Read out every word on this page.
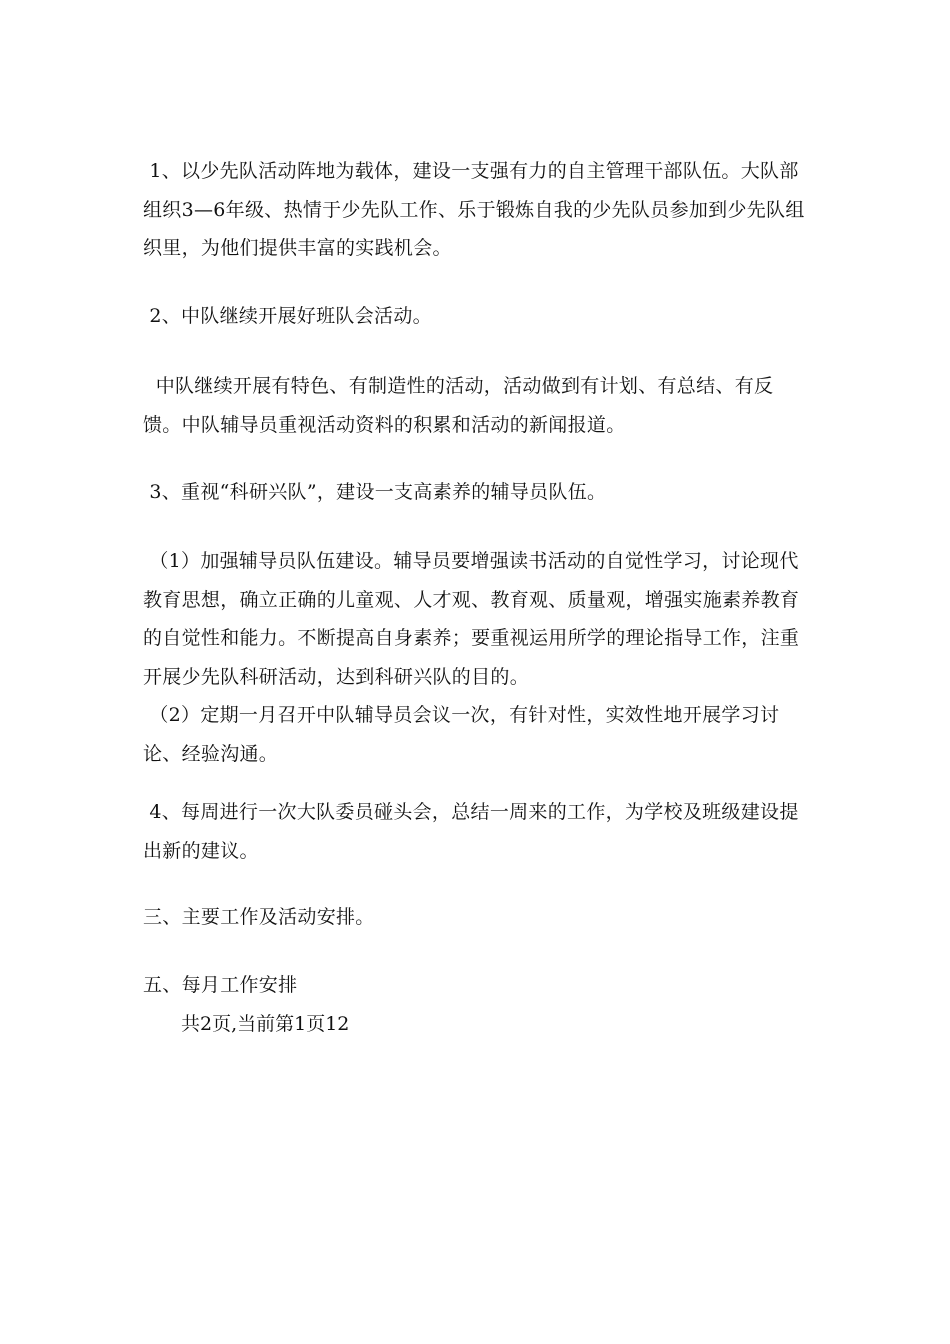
1、以少先队活动阵地为载体，建设一支强有力的自主管理干部队伍。大队部组织3—6年级、热情于少先队工作、乐于锻炼自我的少先队员参加到少先队组织里，为他们提供丰富的实践机会。

2、中队继续开展好班队会活动。

中队继续开展有特色、有制造性的活动，活动做到有计划、有总结、有反馈。中队辅导员重视活动资料的积累和活动的新闻报道。

3、重视“科研兴队”，建设一支高素养的辅导员队伍。

（1）加强辅导员队伍建设。辅导员要增强读书活动的自觉性学习，讨论现代教育思想，确立正确的儿童观、人才观、教育观、质量观，增强实施素养教育的自觉性和能力。不断提高自身素养；要重视运用所学的理论指导工作，注重开展少先队科研活动，达到科研兴队的目的。
（2）定期一月召开中队辅导员会议一次，有针对性，实效性地开展学习讨论、经验沟通。

4、每周进行一次大队委员碰头会，总结一周来的工作，为学校及班级建设提出新的建议。

三、主要工作及活动安排。

五、每月工作安排

共2页,当前第1页12
